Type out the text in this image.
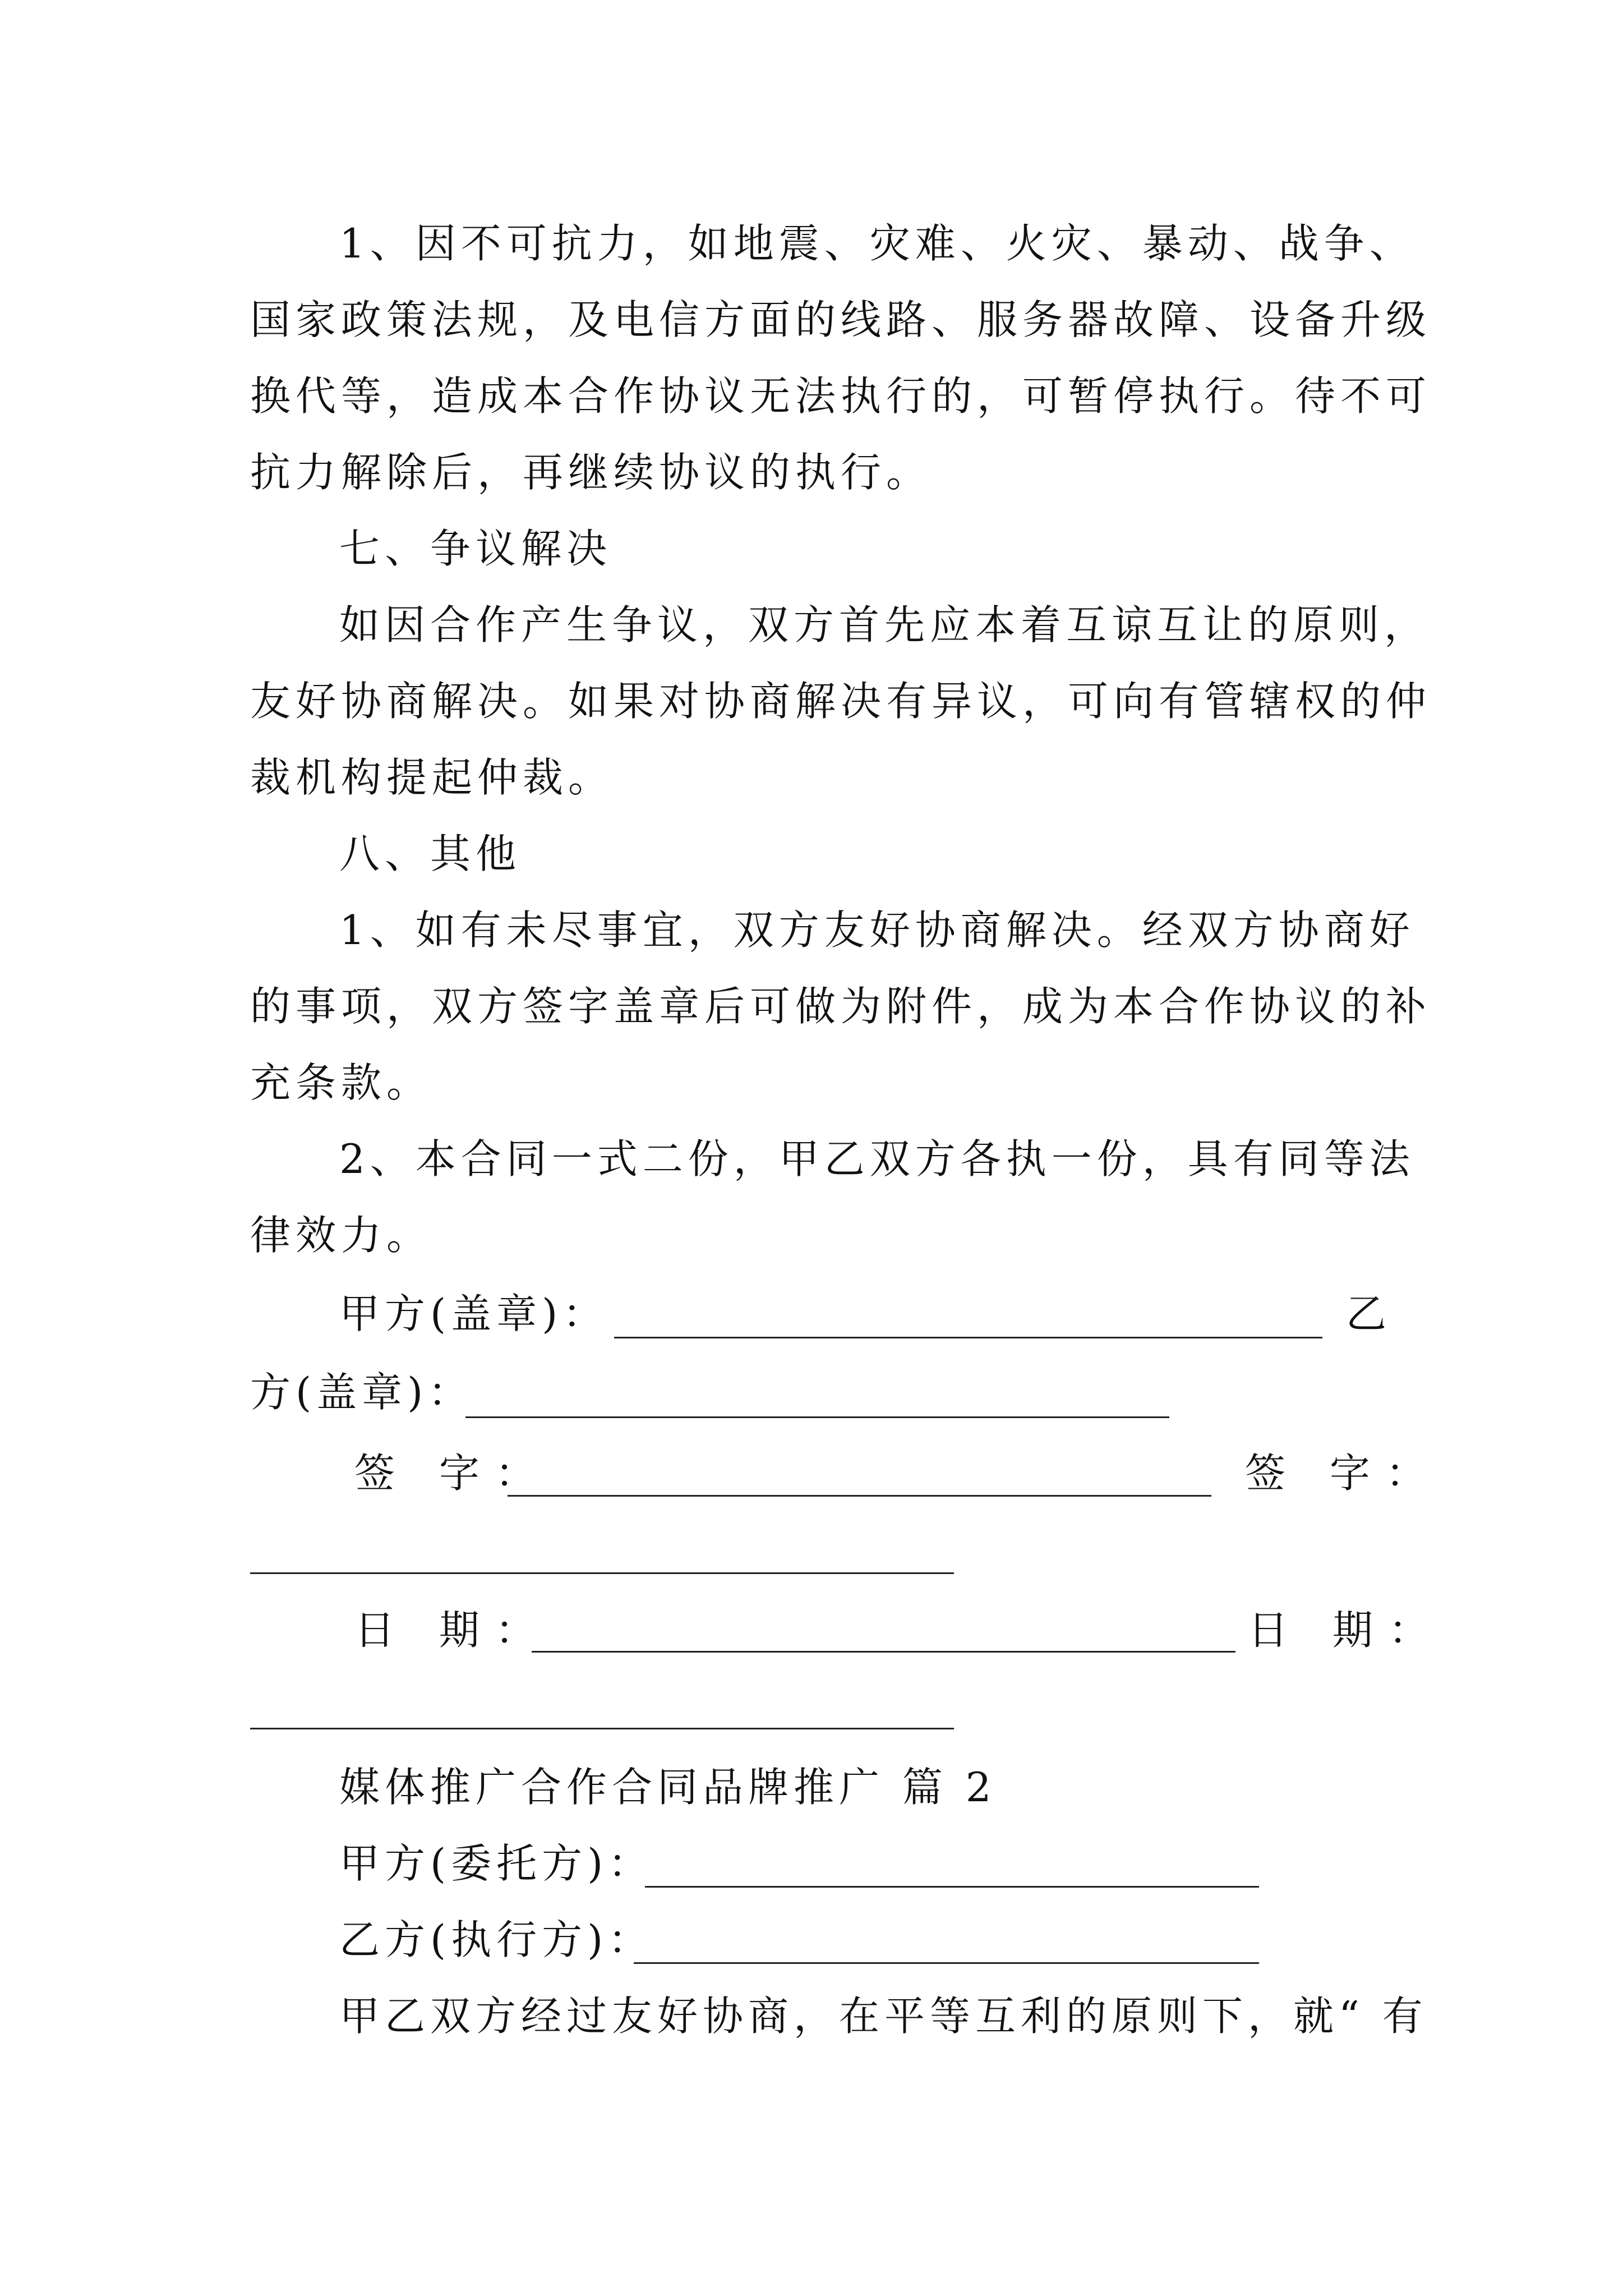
1、因不可抗力，如地震、灾难、火灾、暴动、战争、
国家政策法规，及电信方面的线路、服务器故障、设备升级
换代等，造成本合作协议无法执行的，可暂停执行。待不可
抗力解除后，再继续协议的执行。
七、争议解决
如因合作产生争议，双方首先应本着互谅互让的原则，
友好协商解决。如果对协商解决有异议，可向有管辖权的仲
裁机构提起仲裁。
八、其他
1、如有未尽事宜，双方友好协商解决。经双方协商好
的事项，双方签字盖章后可做为附件，成为本合作协议的补
充条款。
2、本合同一式二份，甲乙双方各执一份，具有同等法
律效力。
甲方(盖章)：	乙
方(盖章)：
签 字：	签 字：
日 期：	日 期：
媒体推广合作合同品牌推广 篇 2
甲方(委托方)：
乙方(执行方)：
甲乙双方经过友好协商，在平等互利的原则下，就“ 有
